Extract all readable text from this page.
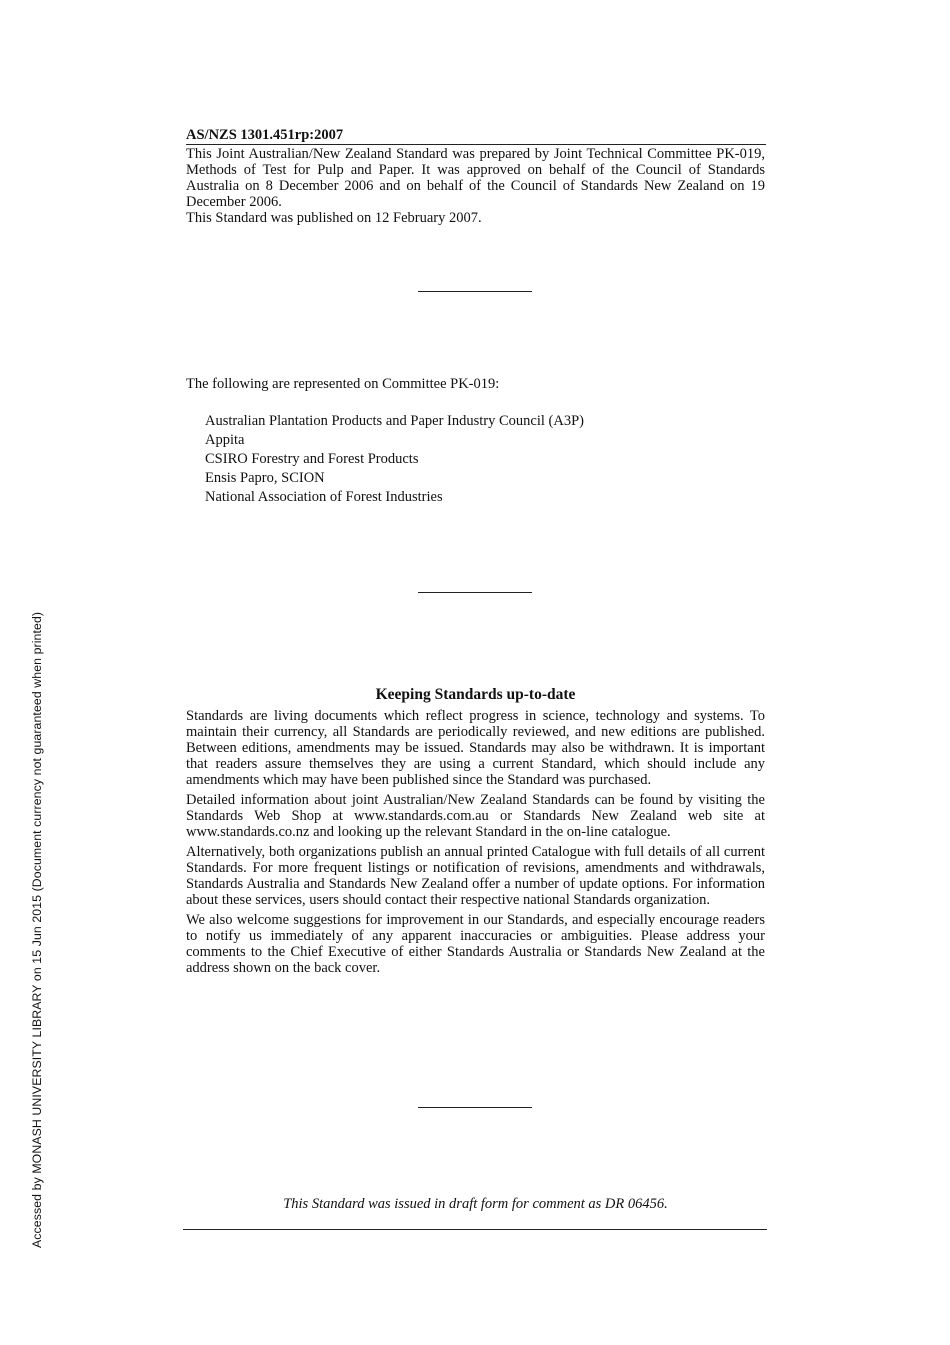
Accessed by MONASH UNIVERSITY LIBRARY on 15 Jun 2015 (Document currency not guaranteed when printed)
AS/NZS 1301.451rp:2007

This Joint Australian/New Zealand Standard was prepared by Joint Technical Committee PK-019, Methods of Test for Pulp and Paper. It was approved on behalf of the Council of Standards Australia on 8 December 2006 and on behalf of the Council of Standards New Zealand on 19 December 2006.

This Standard was published on 12 February 2007.

The following are represented on Committee PK-019:
Australian Plantation Products and Paper Industry Council (A3P)
Appita
CSIRO Forestry and Forest Products
Ensis Papro, SCION
National Association of Forest Industries
Keeping Standards up-to-date

Standards are living documents which reflect progress in science, technology and systems. To maintain their currency, all Standards are periodically reviewed, and new editions are published. Between editions, amendments may be issued. Standards may also be withdrawn. It is important that readers assure themselves they are using a current Standard, which should include any amendments which may have been published since the Standard was purchased.

Detailed information about joint Australian/New Zealand Standards can be found by visiting the Standards Web Shop at www.standards.com.au or Standards New Zealand web site at www.standards.co.nz and looking up the relevant Standard in the on-line catalogue.

Alternatively, both organizations publish an annual printed Catalogue with full details of all current Standards. For more frequent listings or notification of revisions, amendments and withdrawals, Standards Australia and Standards New Zealand offer a number of update options. For information about these services, users should contact their respective national Standards organization.

We also welcome suggestions for improvement in our Standards, and especially encourage readers to notify us immediately of any apparent inaccuracies or ambiguities. Please address your comments to the Chief Executive of either Standards Australia or Standards New Zealand at the address shown on the back cover.

This Standard was issued in draft form for comment as DR 06456.
